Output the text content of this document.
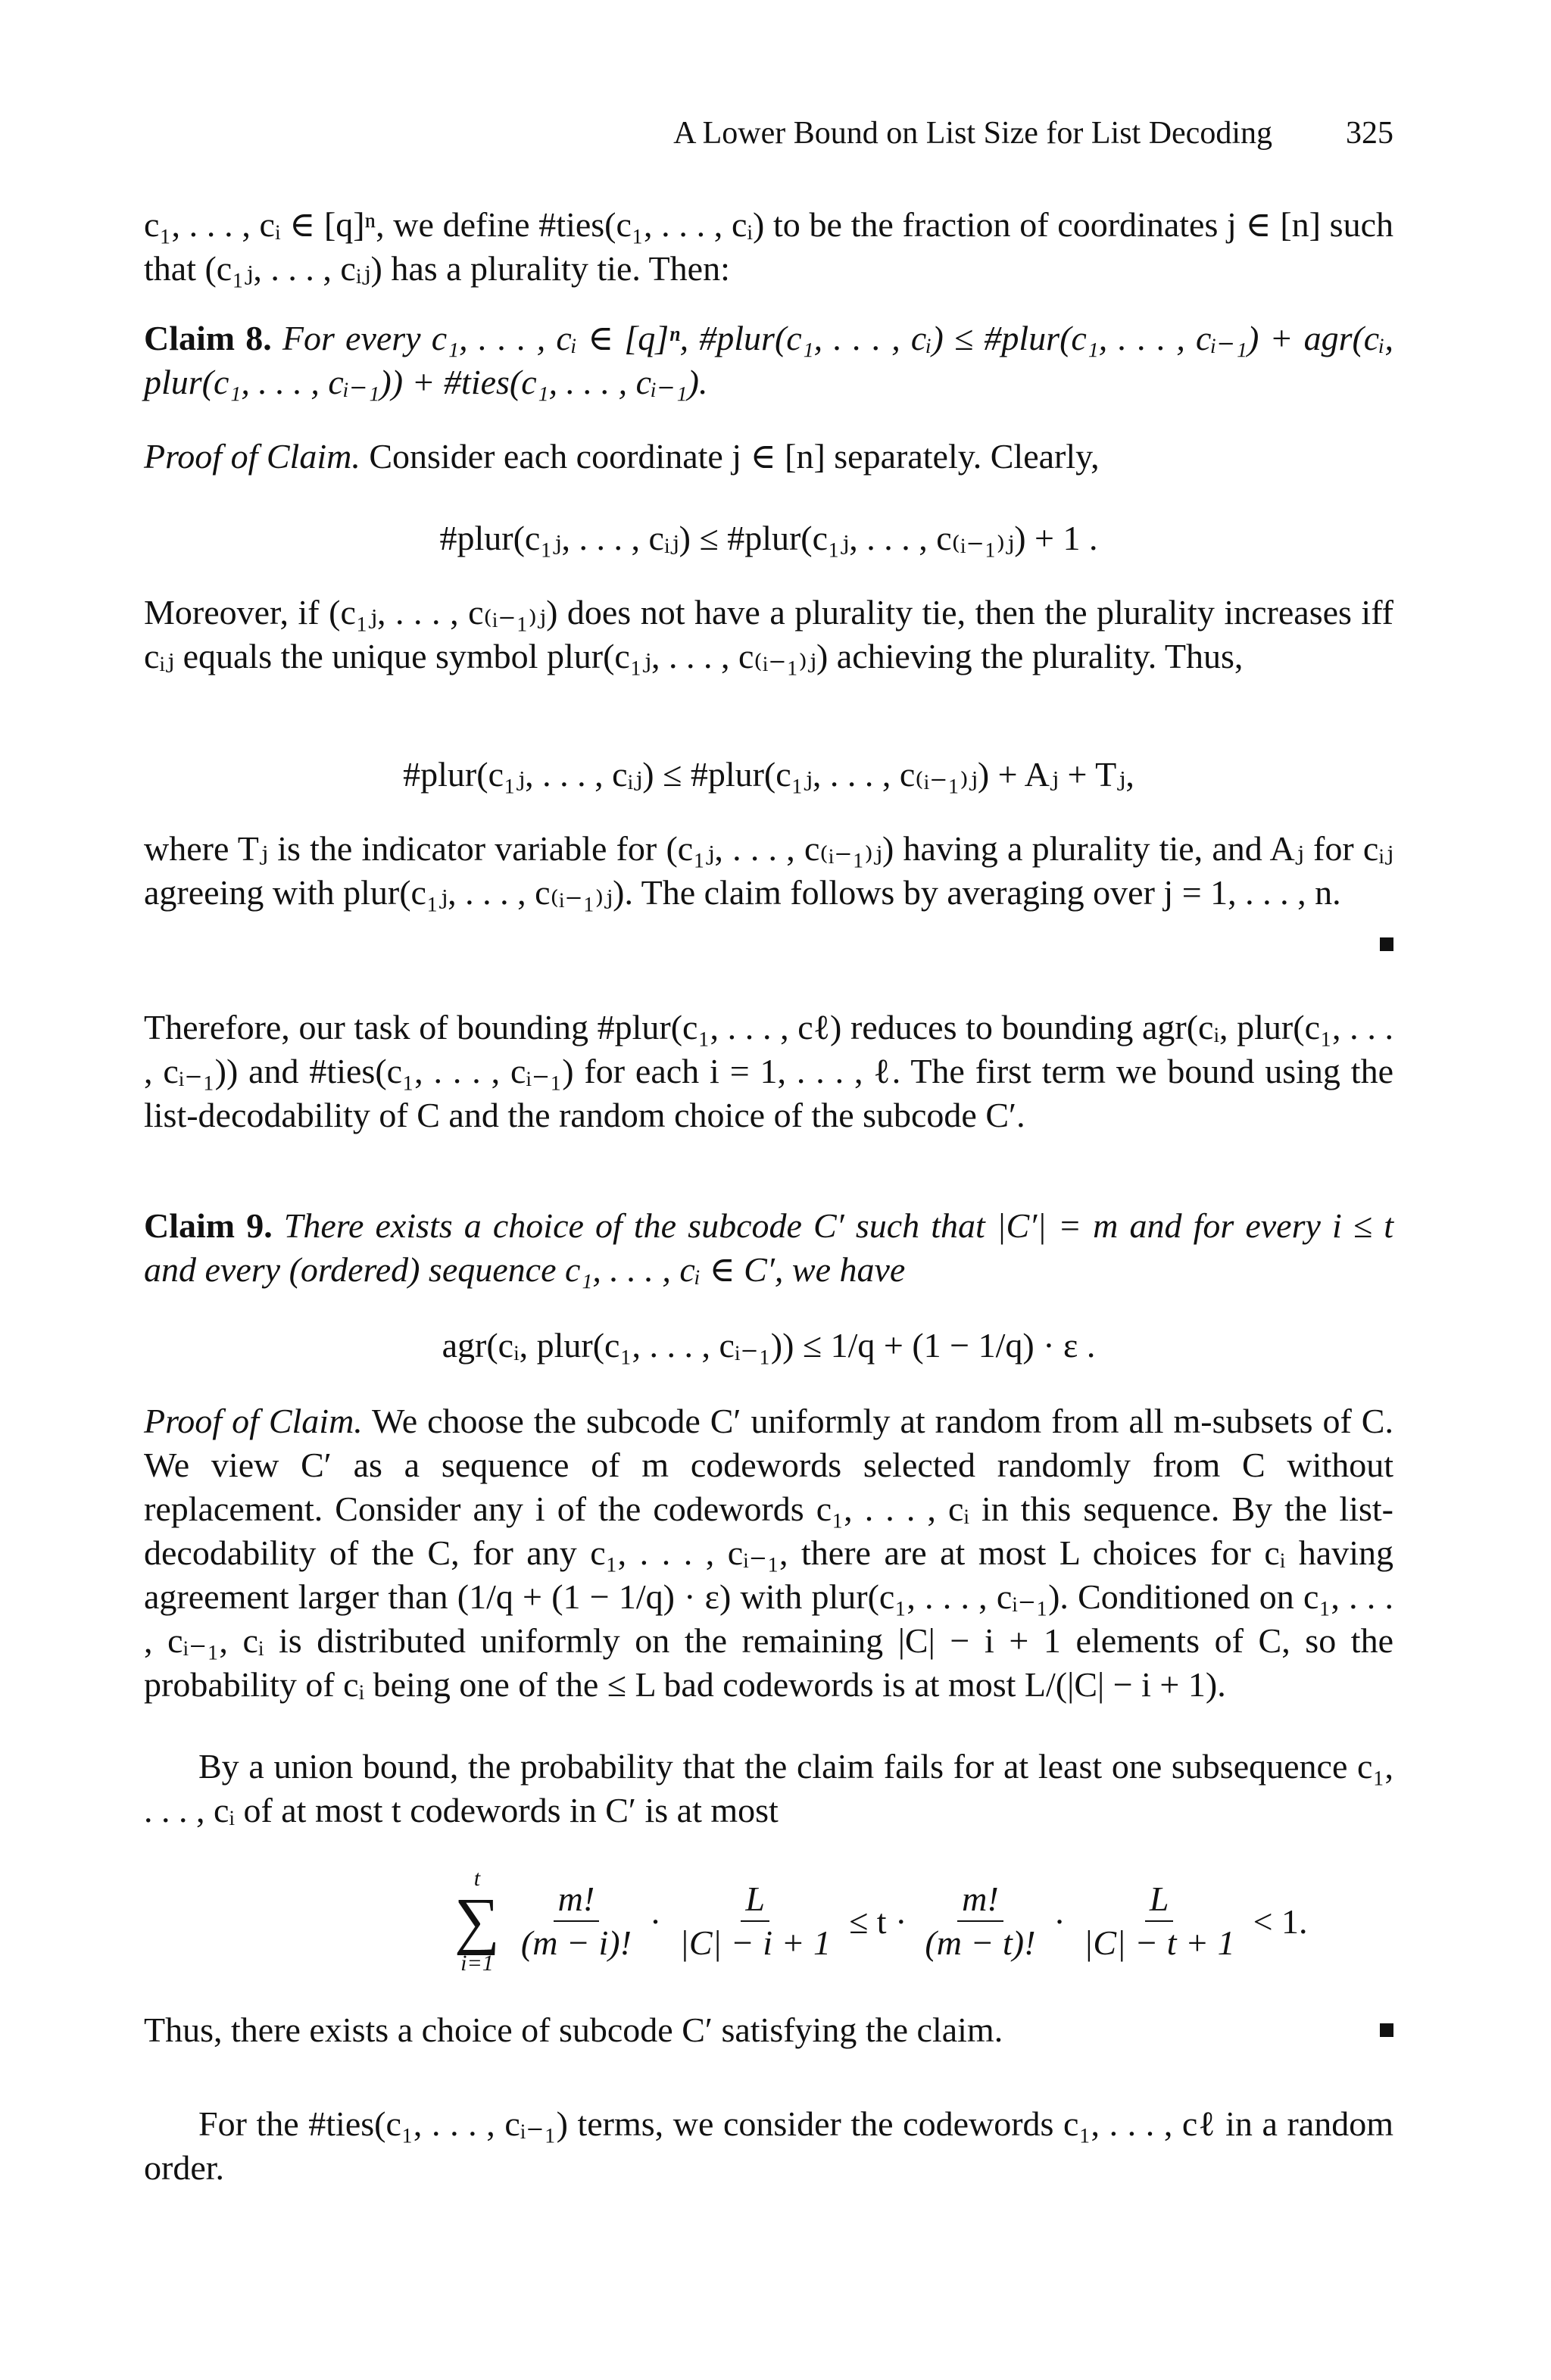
A Lower Bound on List Size for List Decoding 325

c₁, . . . , cᵢ ∈ [q]ⁿ, we define #ties(c₁, . . . , cᵢ) to be the fraction of coordinates j ∈ [n] such that (c₁ⱼ, . . . , cᵢⱼ) has a plurality tie. Then:

Claim 8. For every c₁, . . . , cᵢ ∈ [q]ⁿ, #plur(c₁, . . . , cᵢ) ≤ #plur(c₁, . . . , cᵢ₋₁) + agr(cᵢ, plur(c₁, . . . , cᵢ₋₁)) + #ties(c₁, . . . , cᵢ₋₁).

Proof of Claim. Consider each coordinate j ∈ [n] separately. Clearly,

#plur(c₁ⱼ, . . . , cᵢⱼ) ≤ #plur(c₁ⱼ, . . . , c₍ᵢ₋₁₎ⱼ) + 1 .

Moreover, if (c₁ⱼ, . . . , c₍ᵢ₋₁₎ⱼ) does not have a plurality tie, then the plurality increases iff cᵢⱼ equals the unique symbol plur(c₁ⱼ, . . . , c₍ᵢ₋₁₎ⱼ) achieving the plurality. Thus,

#plur(c₁ⱼ, . . . , cᵢⱼ) ≤ #plur(c₁ⱼ, . . . , c₍ᵢ₋₁₎ⱼ) + Aⱼ + Tⱼ,

where Tⱼ is the indicator variable for (c₁ⱼ, . . . , c₍ᵢ₋₁₎ⱼ) having a plurality tie, and Aⱼ for cᵢⱼ agreeing with plur(c₁ⱼ, . . . , c₍ᵢ₋₁₎ⱼ). The claim follows by averaging over j = 1, . . . , n.

Therefore, our task of bounding #plur(c₁, . . . , cℓ) reduces to bounding agr(cᵢ, plur(c₁, . . . , cᵢ₋₁)) and #ties(c₁, . . . , cᵢ₋₁) for each i = 1, . . . , ℓ. The first term we bound using the list-decodability of C and the random choice of the subcode C′.

Claim 9. There exists a choice of the subcode C′ such that |C′| = m and for every i ≤ t and every (ordered) sequence c₁, . . . , cᵢ ∈ C′, we have

agr(cᵢ, plur(c₁, . . . , cᵢ₋₁)) ≤ 1/q + (1 − 1/q) · ε .

Proof of Claim. We choose the subcode C′ uniformly at random from all m-subsets of C. We view C′ as a sequence of m codewords selected randomly from C without replacement. Consider any i of the codewords c₁, . . . , cᵢ in this sequence. By the list-decodability of the C, for any c₁, . . . , cᵢ₋₁, there are at most L choices for cᵢ having agreement larger than (1/q + (1 − 1/q) · ε) with plur(c₁, . . . , cᵢ₋₁). Conditioned on c₁, . . . , cᵢ₋₁, cᵢ is distributed uniformly on the remaining |C| − i + 1 elements of C, so the probability of cᵢ being one of the ≤ L bad codewords is at most L/(|C| − i + 1).

By a union bound, the probability that the claim fails for at least one subsequence c₁, . . . , cᵢ of at most t codewords in C′ is at most

t
∑
$i=1 \frac{m!}{(m - i)!} \cdot \frac{L}{|C| - i + 1} \le t \cdot \frac{m!}{(m - t)!} \cdot \frac{L}{|C| - t + 1} < 1$.

Thus, there exists a choice of subcode C′ satisfying the claim.

For the #ties(c₁, . . . , cᵢ₋₁) terms, we consider the codewords c₁, . . . , cℓ in a random order.
